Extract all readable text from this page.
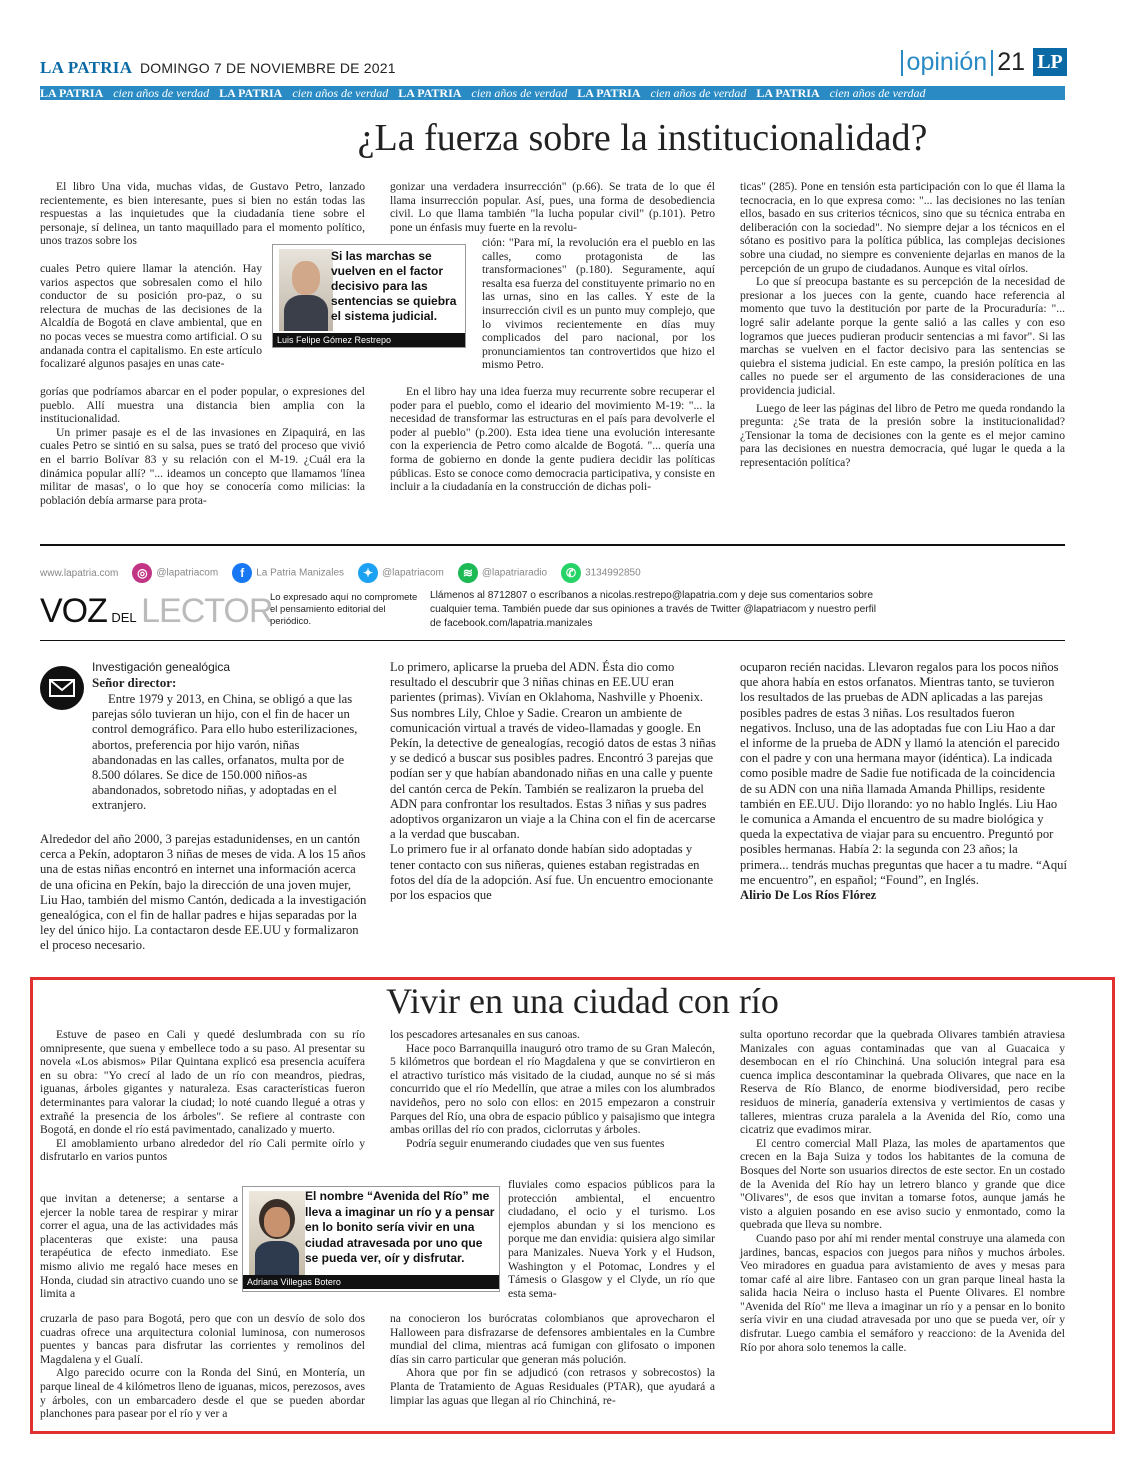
LA PATRIA DOMINGO 7 DE NOVIEMBRE DE 2021	opinión 21 LP
LA PATRIA cien años de verdad LA PATRIA cien años de verdad LA PATRIA cien años de verdad LA PATRIA cien años de verdad LA PATRIA cien años de verdad
¿La fuerza sobre la institucionalidad?

El libro Una vida, muchas vidas, de Gustavo Petro, lanzado recientemente, es bien interesante, pues si bien no están todas las respuestas a las inquietudes que la ciudadanía tiene sobre el personaje, sí delinea, un tanto maquillado para el momento político, unos trazos sobre los

cuales Petro quiere llamar la atención. Hay varios aspectos que sobresalen como el hilo conductor de su posición pro-paz, o su relectura de muchas de las decisiones de la Alcaldía de Bogotá en clave ambiental, que en no pocas veces se muestra como artificial. O su andanada contra el capitalismo. En este artículo focalizaré algunos pasajes en unas cate-

gorías que podríamos abarcar en el poder popular, o expresiones del pueblo. Allí muestra una distancia bien amplia con la institucionalidad.

Un primer pasaje es el de las invasiones en Zipaquirá, en las cuales Petro se sintió en su salsa, pues se trató del proceso que vivió en el barrio Bolívar 83 y su relación con el M-19. ¿Cuál era la dinámica popular allí? "... ideamos un concepto que llamamos 'línea militar de masas', o lo que hoy se conocería como milicias: la población debía armarse para prota-

Si las marchas se vuelven en el factor decisivo para las sentencias se quiebra el sistema judicial.
Luis Felipe Gómez Restrepo

gonizar una verdadera insurrección" (p.66). Se trata de lo que él llama insurrección popular. Así, pues, una forma de desobediencia civil. Lo que llama también "la lucha popular civil" (p.101). Petro pone un énfasis muy fuerte en la revolu-

ción: "Para mí, la revolución era el pueblo en las calles, como protagonista de las transformaciones" (p.180). Seguramente, aquí resalta esa fuerza del constituyente primario no en las urnas, sino en las calles. Y este de la insurrección civil es un punto muy complejo, que lo vivimos recientemente en días muy complicados del paro nacional, por los pronunciamientos tan controvertidos que hizo el mismo Petro.

En el libro hay una idea fuerza muy recurrente sobre recuperar el poder para el pueblo, como el ideario del movimiento M-19: "... la necesidad de transformar las estructuras en el país para devolverle el poder al pueblo" (p.200). Esta idea tiene una evolución interesante con la experiencia de Petro como alcalde de Bogotá. "... quería una forma de gobierno en donde la gente pudiera decidir las políticas públicas. Esto se conoce como democracia participativa, y consiste en incluir a la ciudadanía en la construcción de dichas poli-

ticas" (285). Pone en tensión esta participación con lo que él llama la tecnocracia, en lo que expresa como: "... las decisiones no las tenían ellos, basado en sus criterios técnicos, sino que su técnica entraba en deliberación con la sociedad". No siempre dejar a los técnicos en el sótano es positivo para la política pública, las complejas decisiones sobre una ciudad, no siempre es conveniente dejarlas en manos de la percepción de un grupo de ciudadanos. Aunque es vital oírlos.

Lo que sí preocupa bastante es su percepción de la necesidad de presionar a los jueces con la gente, cuando hace referencia al momento que tuvo la destitución por parte de la Procuraduría: "... logré salir adelante porque la gente salió a las calles y con eso logramos que jueces pudieran producir sentencias a mi favor". Si las marchas se vuelven en el factor decisivo para las sentencias se quiebra el sistema judicial. En este campo, la presión política en las calles no puede ser el argumento de las consideraciones de una providencia judicial.

Luego de leer las páginas del libro de Petro me queda rondando la pregunta: ¿Se trata de la presión sobre la institucionalidad? ¿Tensionar la toma de decisiones con la gente es el mejor camino para las decisiones en nuestra democracia, qué lugar le queda a la representación política?

www.lapatria.com	◎ @lapatriacom	f La Patria Manizales	✦ @lapatriacom	≋ @lapatriaradio	✆ 3134992850
VOZ DEL LECTOR
Lo expresado aquí no compromete el pensamiento editorial del periódico.
Llámenos al 8712807 o escríbanos a nicolas.restrepo@lapatria.com y deje sus comentarios sobre cualquier tema. También puede dar sus opiniones a través de Twitter @lapatriacom y nuestro perfil de facebook.com/lapatria.manizales
Investigación genealógica
Señor director:

Entre 1979 y 2013, en China, se obligó a que las parejas sólo tuvieran un hijo, con el fin de hacer un control demográfico. Para ello hubo esterilizaciones, abortos, preferencia por hijo varón, niñas abandonadas en las calles, orfanatos, multa por de 8.500 dólares. Se dice de 150.000 niños-as abandonados, sobretodo niñas, y adoptadas en el extranjero.

Alrededor del año 2000, 3 parejas estadunidenses, en un cantón cerca a Pekín, adoptaron 3 niñas de meses de vida. A los 15 años una de estas niñas encontró en internet una información acerca de una oficina en Pekín, bajo la dirección de una joven mujer, Liu Hao, también del mismo Cantón, dedicada a la investigación genealógica, con el fin de hallar padres e hijas separadas por la ley del único hijo. La contactaron desde EE.UU y formalizaron el proceso necesario.

Lo primero, aplicarse la prueba del ADN. Ésta dio como resultado el descubrir que 3 niñas chinas en EE.UU eran parientes (primas). Vivían en Oklahoma, Nashville y Phoenix. Sus nombres Lily, Chloe y Sadie. Crearon un ambiente de comunicación virtual a través de video-llamadas y google. En Pekín, la detective de genealogías, recogió datos de estas 3 niñas y se dedicó a buscar sus posibles padres. Encontró 3 parejas que podían ser y que habían abandonado niñas en una calle y puente del cantón cerca de Pekín. También se realizaron la prueba del ADN para confrontar los resultados. Estas 3 niñas y sus padres adoptivos organizaron un viaje a la China con el fin de acercarse a la verdad que buscaban.

Lo primero fue ir al orfanato donde habían sido adoptadas y tener contacto con sus niñeras, quienes estaban registradas en fotos del día de la adopción. Así fue. Un encuentro emocionante por los espacios que

ocuparon recién nacidas. Llevaron regalos para los pocos niños que ahora había en estos orfanatos. Mientras tanto, se tuvieron los resultados de las pruebas de ADN aplicadas a las parejas posibles padres de estas 3 niñas. Los resultados fueron negativos. Incluso, una de las adoptadas fue con Liu Hao a dar el informe de la prueba de ADN y llamó la atención el parecido con el padre y con una hermana mayor (idéntica). La indicada como posible madre de Sadie fue notificada de la coincidencia de su ADN con una niña llamada Amanda Phillips, residente también en EE.UU. Dijo llorando: yo no hablo Inglés. Liu Hao le comunica a Amanda el encuentro de su madre biológica y queda la expectativa de viajar para su encuentro. Preguntó por posibles hermanas. Había 2: la segunda con 23 años; la primera... tendrás muchas preguntas que hacer a tu madre. “Aquí me encuentro”, en español; “Found”, en Inglés.

Alirio De Los Ríos Flórez

Vivir en una ciudad con río

Estuve de paseo en Cali y quedé deslumbrada con su río omnipresente, que suena y embellece todo a su paso. Al presentar su novela «Los abismos» Pilar Quintana explicó esa presencia acuífera en su obra: "Yo crecí al lado de un río con meandros, piedras, iguanas, árboles gigantes y naturaleza. Esas características fueron determinantes para valorar la ciudad; lo noté cuando llegué a otras y extrañé la presencia de los árboles". Se refiere al contraste con Bogotá, en donde el río está pavimentado, canalizado y muerto.

El amoblamiento urbano alrededor del río Cali permite oírlo y disfrutarlo en varios puntos

que invitan a detenerse; a sentarse a ejercer la noble tarea de respirar y mirar correr el agua, una de las actividades más placenteras que existe: una pausa terapéutica de efecto inmediato. Ese mismo alivio me regaló hace meses en Honda, ciudad sin atractivo cuando uno se limita a

cruzarla de paso para Bogotá, pero que con un desvío de solo dos cuadras ofrece una arquitectura colonial luminosa, con numerosos puentes y bancas para disfrutar las corrientes y remolinos del Magdalena y el Gualí.

Algo parecido ocurre con la Ronda del Sinú, en Montería, un parque lineal de 4 kilómetros lleno de iguanas, micos, perezosos, aves y árboles, con un embarcadero desde el que se pueden abordar planchones para pasear por el río y ver a

El nombre “Avenida del Río” me lleva a imaginar un río y a pensar en lo bonito sería vivir en una ciudad atravesada por uno que se pueda ver, oír y disfrutar.
Adriana Villegas Botero

los pescadores artesanales en sus canoas.

Hace poco Barranquilla inauguró otro tramo de su Gran Malecón, 5 kilómetros que bordean el río Magdalena y que se convirtieron en el atractivo turístico más visitado de la ciudad, aunque no sé si más concurrido que el río Medellín, que atrae a miles con los alumbrados navideños, pero no solo con ellos: en 2015 empezaron a construir Parques del Río, una obra de espacio público y paisajismo que integra ambas orillas del río con prados, ciclorrutas y árboles.

Podría seguir enumerando ciudades que ven sus fuentes

fluviales como espacios públicos para la protección ambiental, el encuentro ciudadano, el ocio y el turismo. Los ejemplos abundan y si los menciono es porque me dan envidia: quisiera algo similar para Manizales. Nueva York y el Hudson, Washington y el Potomac, Londres y el Támesis o Glasgow y el Clyde, un río que esta sema-

na conocieron los burócratas colombianos que aprovecharon el Halloween para disfrazarse de defensores ambientales en la Cumbre mundial del clima, mientras acá fumigan con glifosato o imponen días sin carro particular que generan más polución.

Ahora que por fin se adjudicó (con retrasos y sobrecostos) la Planta de Tratamiento de Aguas Residuales (PTAR), que ayudará a limpiar las aguas que llegan al río Chinchiná, re-

sulta oportuno recordar que la quebrada Olivares también atraviesa Manizales con aguas contaminadas que van al Guacaica y desembocan en el río Chinchiná. Una solución integral para esa cuenca implica descontaminar la quebrada Olivares, que nace en la Reserva de Río Blanco, de enorme biodiversidad, pero recibe residuos de minería, ganadería extensiva y vertimientos de casas y talleres, mientras cruza paralela a la Avenida del Río, como una cicatriz que evadimos mirar.

El centro comercial Mall Plaza, las moles de apartamentos que crecen en la Baja Suiza y todos los habitantes de la comuna de Bosques del Norte son usuarios directos de este sector. En un costado de la Avenida del Río hay un letrero blanco y grande que dice "Olivares", de esos que invitan a tomarse fotos, aunque jamás he visto a alguien posando en ese aviso sucio y enmontado, como la quebrada que lleva su nombre.

Cuando paso por ahí mi render mental construye una alameda con jardines, bancas, espacios con juegos para niños y muchos árboles. Veo miradores en guadua para avistamiento de aves y mesas para tomar café al aire libre. Fantaseo con un gran parque lineal hasta la salida hacia Neira o incluso hasta el Puente Olivares. El nombre "Avenida del Río" me lleva a imaginar un río y a pensar en lo bonito sería vivir en una ciudad atravesada por uno que se pueda ver, oír y disfrutar. Luego cambia el semáforo y reacciono: de la Avenida del Río por ahora solo tenemos la calle.
